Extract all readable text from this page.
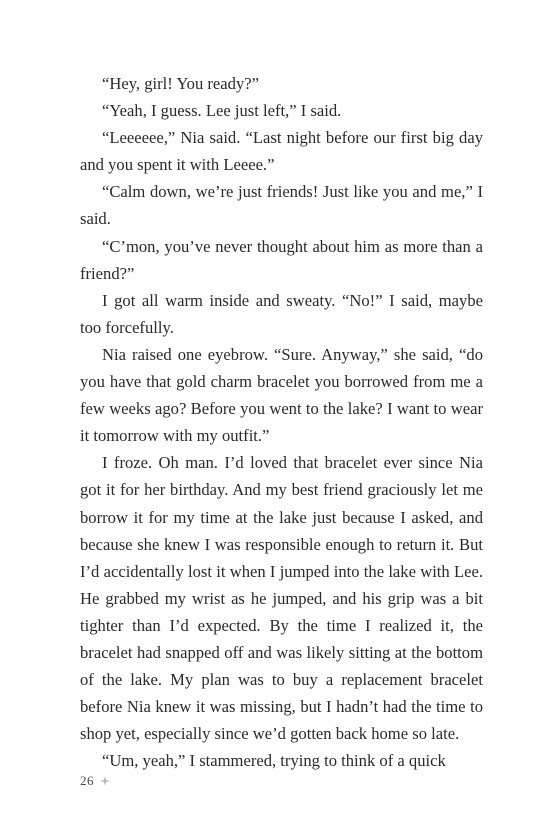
“Hey, girl! You ready?”

“Yeah, I guess. Lee just left,” I said.

“Leeeeee,” Nia said. “Last night before our first big day and you spent it with Leeee.”

“Calm down, we’re just friends! Just like you and me,” I said.

“C’mon, you’ve never thought about him as more than a friend?”

I got all warm inside and sweaty. “No!” I said, maybe too forcefully.

Nia raised one eyebrow. “Sure. Anyway,” she said, “do you have that gold charm bracelet you borrowed from me a few weeks ago? Before you went to the lake? I want to wear it tomorrow with my outfit.”

I froze. Oh man. I’d loved that bracelet ever since Nia got it for her birthday. And my best friend graciously let me borrow it for my time at the lake just because I asked, and because she knew I was responsible enough to return it. But I’d accidentally lost it when I jumped into the lake with Lee. He grabbed my wrist as he jumped, and his grip was a bit tighter than I’d expected. By the time I realized it, the bracelet had snapped off and was likely sitting at the bottom of the lake. My plan was to buy a replacement bracelet before Nia knew it was missing, but I hadn’t had the time to shop yet, especially since we’d gotten back home so late.

“Um, yeah,” I stammered, trying to think of a quick

26
